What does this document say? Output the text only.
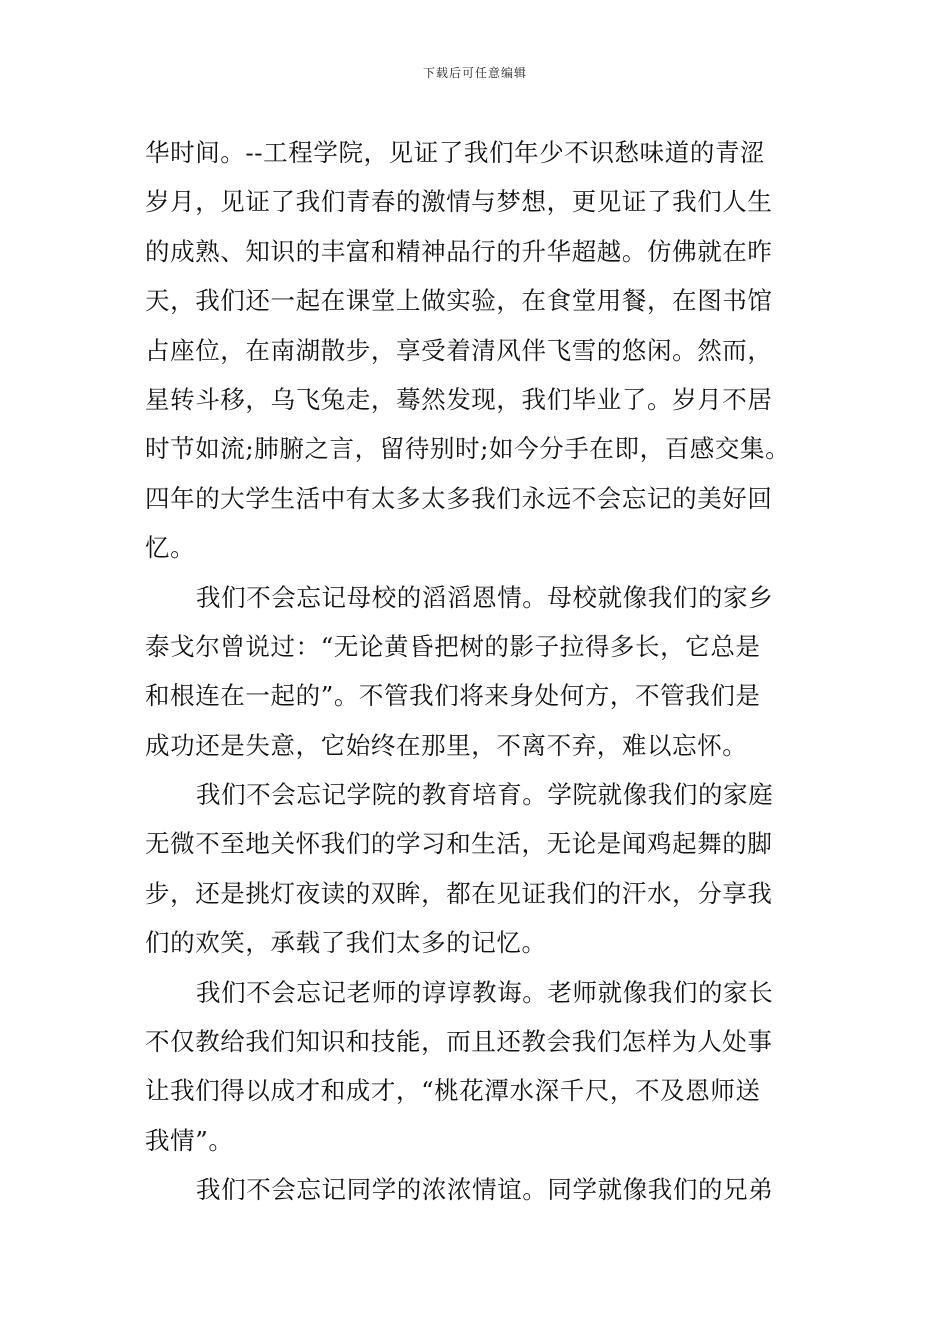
下载后可任意编辑
华时间。--工程学院，见证了我们年少不识愁味道的青涩
岁月，见证了我们青春的激情与梦想，更见证了我们人生
的成熟、知识的丰富和精神品行的升华超越。仿佛就在昨
天，我们还一起在课堂上做实验，在食堂用餐，在图书馆
占座位，在南湖散步，享受着清风伴飞雪的悠闲。然而，
星转斗移，乌飞兔走，蓦然发现，我们毕业了。岁月不居
时节如流;肺腑之言，留待别时;如今分手在即，百感交集。
四年的大学生活中有太多太多我们永远不会忘记的美好回
忆。
我们不会忘记母校的滔滔恩情。母校就像我们的家乡
泰戈尔曾说过：“无论黄昏把树的影子拉得多长，它总是
和根连在一起的”。不管我们将来身处何方，不管我们是
成功还是失意，它始终在那里，不离不弃，难以忘怀。
我们不会忘记学院的教育培育。学院就像我们的家庭
无微不至地关怀我们的学习和生活，无论是闻鸡起舞的脚
步，还是挑灯夜读的双眸，都在见证我们的汗水，分享我
们的欢笑，承载了我们太多的记忆。
我们不会忘记老师的谆谆教诲。老师就像我们的家长
不仅教给我们知识和技能，而且还教会我们怎样为人处事
让我们得以成才和成才，“桃花潭水深千尺，不及恩师送
我情”。
我们不会忘记同学的浓浓情谊。同学就像我们的兄弟
